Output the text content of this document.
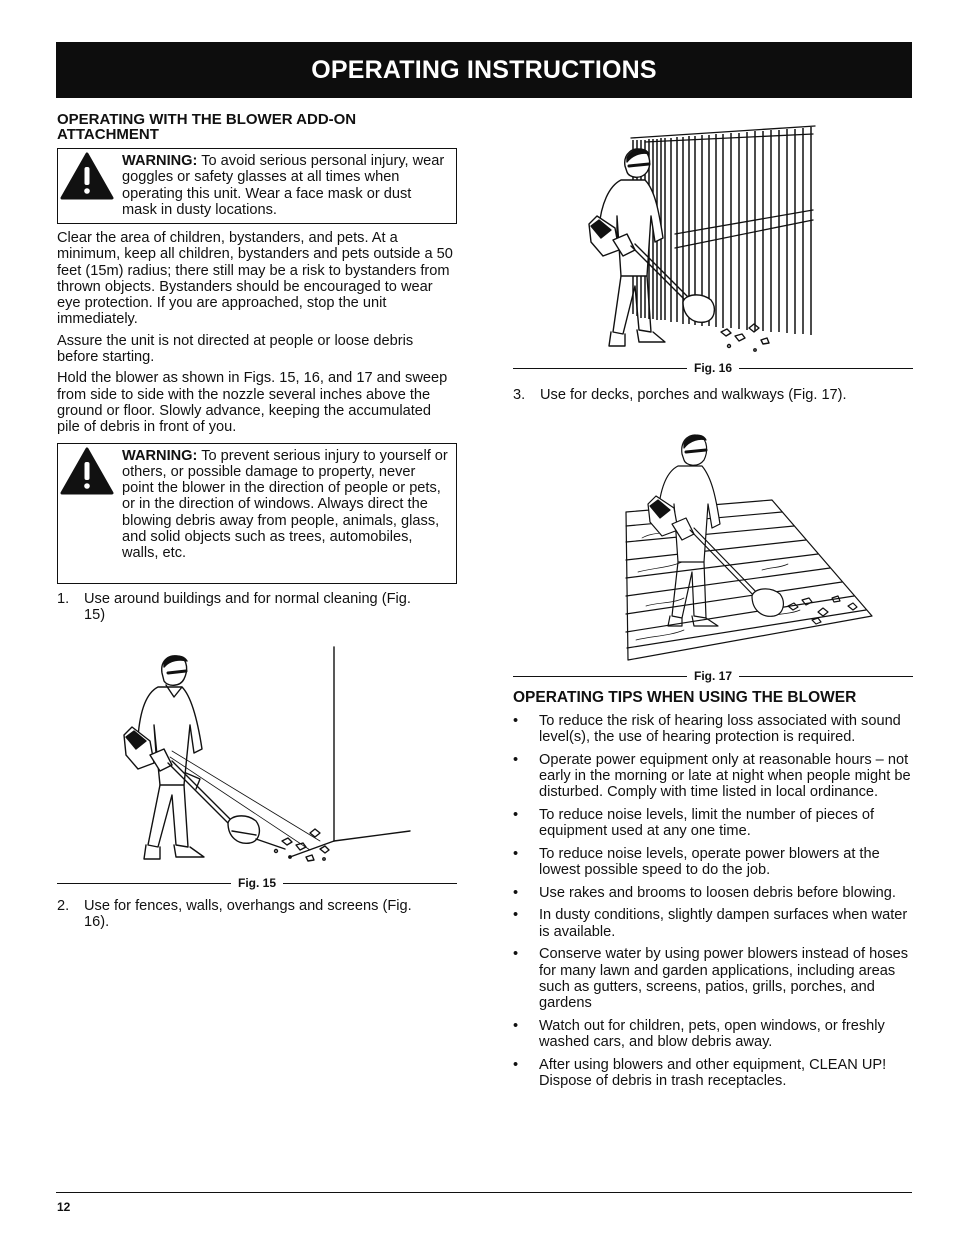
OPERATING INSTRUCTIONS
OPERATING WITH THE BLOWER ADD-ON ATTACHMENT

WARNING: To avoid serious personal injury, wear goggles or safety glasses at all times when operating this unit. Wear a face mask or dust mask in dusty locations.

Clear the area of children, bystanders, and pets. At a minimum, keep all children, bystanders and pets outside a 50 feet (15m) radius; there still may be a risk to bystanders from thrown objects. Bystanders should be encouraged to wear eye protection. If you are approached, stop the unit immediately.

Assure the unit is not directed at people or loose debris before starting.

Hold the blower as shown in Figs. 15, 16, and 17 and sweep from side to side with the nozzle several inches above the ground or floor. Slowly advance, keeping the accumulated pile of debris in front of you.

WARNING: To prevent serious injury to yourself or others, or possible damage to property, never point the blower in the direction of people or pets, or in the direction of windows. Always direct the blowing debris away from people, animals, glass, and solid objects such as trees, automobiles, walls, etc.

1.	Use around buildings and for normal cleaning (Fig. 15)
Fig. 15
2.	Use for fences, walls, overhangs and screens (Fig. 16).
Fig. 16
3.	Use for decks, porches and walkways (Fig. 17).
Fig. 17
OPERATING TIPS WHEN USING THE BLOWER
•	To reduce the risk of hearing loss associated with sound level(s), the use of hearing protection is required.
•	Operate power equipment only at reasonable hours – not early in the morning or late at night when people might be disturbed. Comply with time listed in local ordinance.
•	To reduce noise levels, limit the number of pieces of equipment used at any one time.
•	To reduce noise levels, operate power blowers at the lowest possible speed to do the job.
•	Use rakes and brooms to loosen debris before blowing.
•	In dusty conditions, slightly dampen surfaces when water is available.
•	Conserve water by using power blowers instead of hoses for many lawn and garden applications, including areas such as gutters, screens, patios, grills, porches, and gardens
•	Watch out for children, pets, open windows, or freshly washed cars, and blow debris away.
•	After using blowers and other equipment, CLEAN UP! Dispose of debris in trash receptacles.
12
